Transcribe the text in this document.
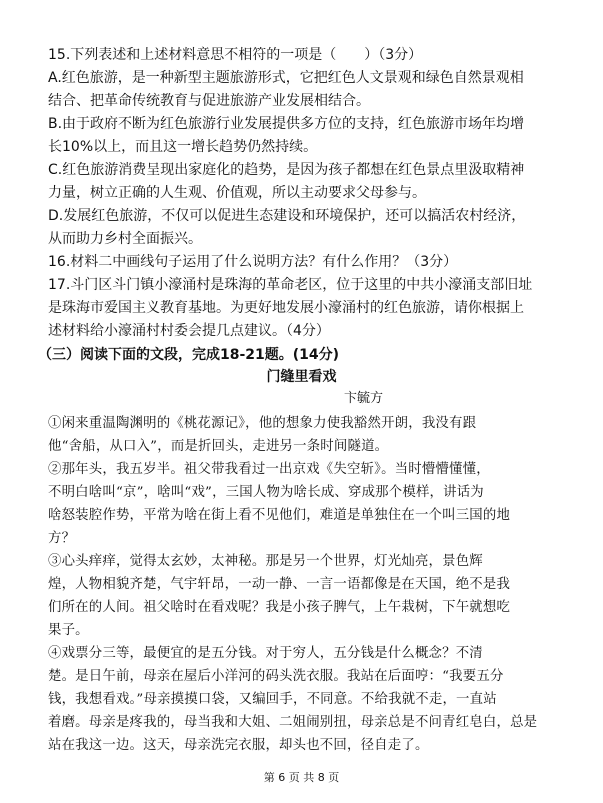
15.下列表述和上述材料意思不相符的一项是（　　）（3分）
A.红色旅游，是一种新型主题旅游形式，它把红色人文景观和绿色自然景观相
结合、把革命传统教育与促进旅游产业发展相结合。
B.由于政府不断为红色旅游行业发展提供多方位的支持，红色旅游市场年均增
长10%以上，而且这一增长趋势仍然持续。
C.红色旅游消费呈现出家庭化的趋势，是因为孩子都想在红色景点里汲取精神
力量，树立正确的人生观、价值观，所以主动要求父母参与。
D.发展红色旅游，不仅可以促进生态建设和环境保护，还可以搞活农村经济，
从而助力乡村全面振兴。
16.材料二中画线句子运用了什么说明方法？有什么作用？（3分）
17.斗门区斗门镇小濠涌村是珠海的革命老区，位于这里的中共小濠涌支部旧址
是珠海市爱国主义教育基地。为更好地发展小濠涌村的红色旅游，请你根据上
述材料给小濠涌村村委会提几点建议。（4分）
（三）阅读下面的文段，完成18-21题。(14分)
门缝里看戏
卞毓方
①闲来重温陶渊明的《桃花源记》，他的想象力使我豁然开朗，我没有跟
他“舍船，从口入”，而是折回头，走进另一条时间隧道。
②那年头，我五岁半。祖父带我看过一出京戏《失空斩》。当时懵懵懂懂，
不明白啥叫“京”，啥叫“戏”，三国人物为啥长成、穿成那个模样，讲话为
啥怒装腔作势，平常为啥在街上看不见他们，难道是单独住在一个叫三国的地
方？
③心头痒痒，觉得太玄妙，太神秘。那是另一个世界，灯光灿亮，景色辉
煌，人物相貌齐楚，气宇轩昂，一动一静、一言一语都像是在天国，绝不是我
们所在的人间。祖父啥时在看戏呢？我是小孩子脾气，上午栽树，下午就想吃
果子。
④戏票分三等，最便宜的是五分钱。对于穷人，五分钱是什么概念？不清
楚。是日午前，母亲在屋后小洋河的码头洗衣服。我站在后面哼：“我要五分
钱，我想看戏。”母亲摸摸口袋，又编回手，不同意。不给我就不走，一直站
着磨。母亲是疼我的，母当我和大姐、二姐闹别扭，母亲总是不问青红皂白，总是
站在我这一边。这天，母亲洗完衣服，却头也不回，径自走了。
第 6 页 共 8 页
